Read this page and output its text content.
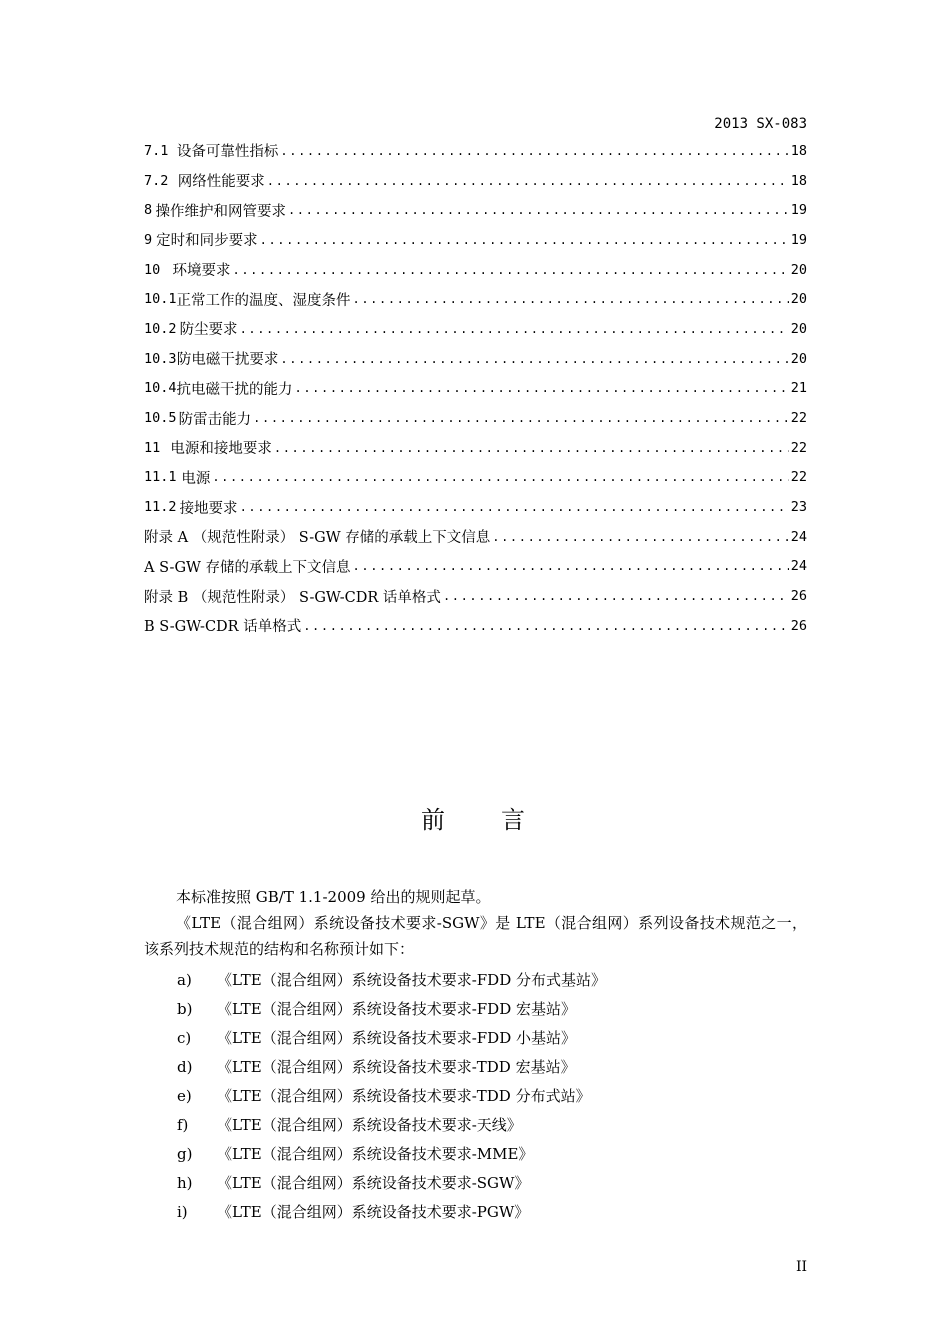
2013 SX-083
7.1 设备可靠性指标 .....	18
7.2 网络性能要求 .....	18
8 操作维护和网管要求 .....	19
9 定时和同步要求 .....	19
10 环境要求 .....	20
10.1 正常工作的温度、湿度条件 .....	20
10.2 防尘要求 .....	20
10.3 防电磁干扰要求 .....	20
10.4 抗电磁干扰的能力 .....	21
10.5 防雷击能力 .....	22
11 电源和接地要求 .....	22
11.1 电源 .....	22
11.2 接地要求 .....	23
附录 A （规范性附录） S-GW 存储的承载上下文信息 .....	24
A S-GW 存储的承载上下文信息 .....	24
附录 B （规范性附录） S-GW-CDR 话单格式 .....	26
B S-GW-CDR 话单格式 .....	26
前 言

本标准按照 GB/T 1.1-2009 给出的规则起草。

《LTE（混合组网）系统设备技术要求-SGW》是 LTE（混合组网）系列设备技术规范之一，该系列技术规范的结构和名称预计如下：

a)	《LTE（混合组网）系统设备技术要求-FDD 分布式基站》
b)	《LTE（混合组网）系统设备技术要求-FDD 宏基站》
c)	《LTE（混合组网）系统设备技术要求-FDD 小基站》
d)	《LTE（混合组网）系统设备技术要求-TDD 宏基站》
e)	《LTE（混合组网）系统设备技术要求-TDD 分布式站》
f)	《LTE（混合组网）系统设备技术要求-天线》
g)	《LTE（混合组网）系统设备技术要求-MME》
h)	《LTE（混合组网）系统设备技术要求-SGW》
i)	《LTE（混合组网）系统设备技术要求-PGW》
II
